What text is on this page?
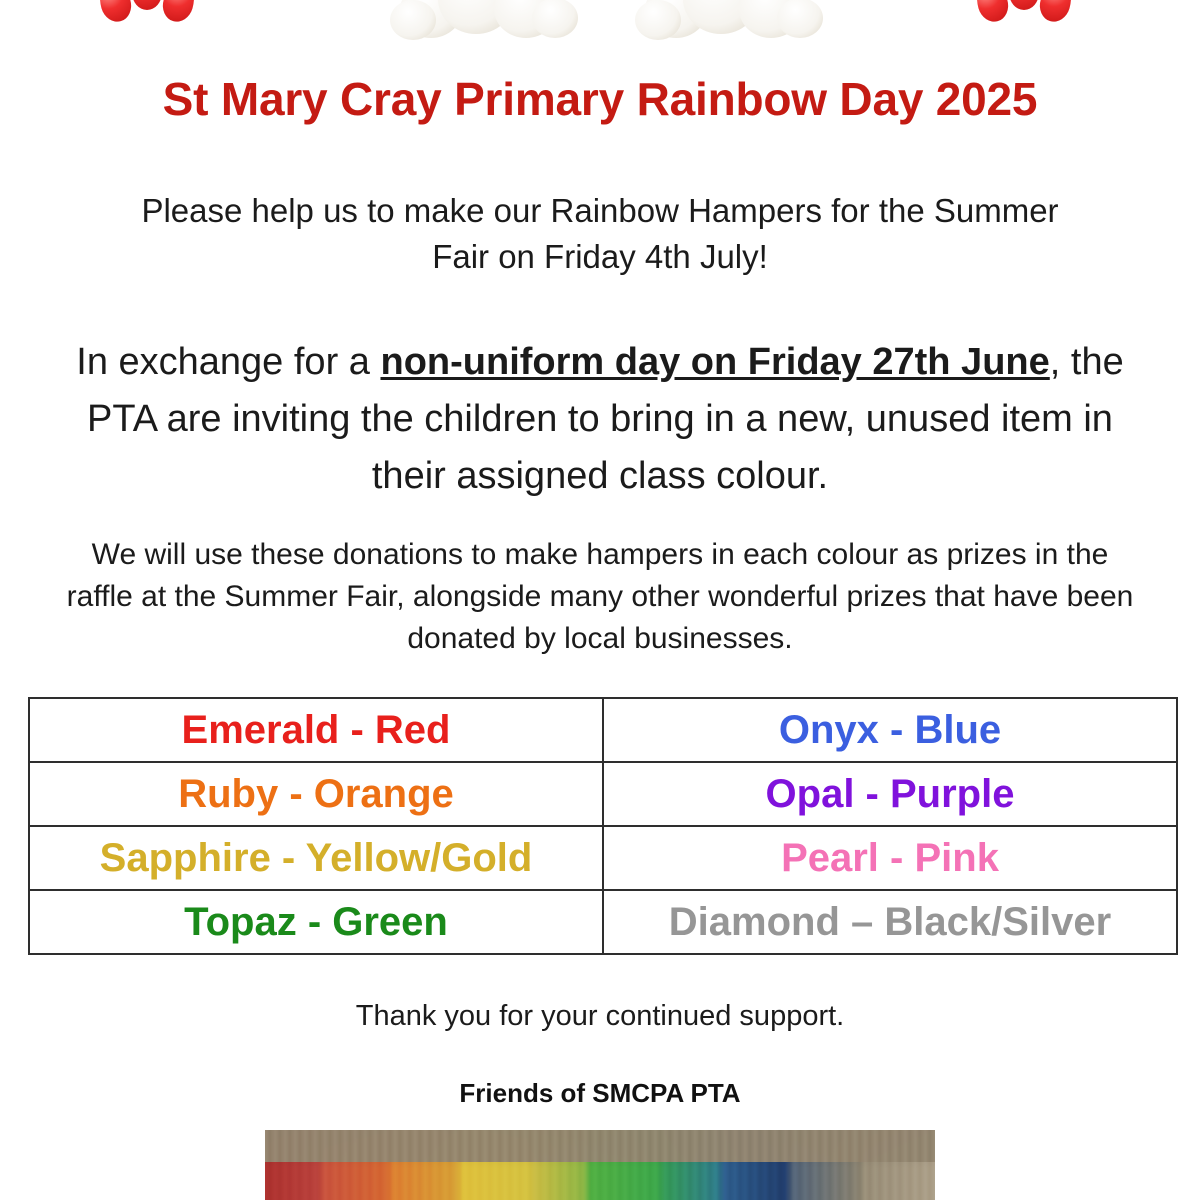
St Mary Cray Primary Rainbow Day 2025
Please help us to make our Rainbow Hampers for the Summer Fair on Friday 4th July!
In exchange for a non-uniform day on Friday 27th June, the PTA are inviting the children to bring in a new, unused item in their assigned class colour.
We will use these donations to make hampers in each colour as prizes in the raffle at the Summer Fair, alongside many other wonderful prizes that have been donated by local businesses.
Emerald - Red	Onyx - Blue
Ruby - Orange	Opal - Purple
Sapphire - Yellow/Gold	Pearl - Pink
Topaz - Green	Diamond – Black/Silver
Thank you for your continued support.
Friends of SMCPA PTA
